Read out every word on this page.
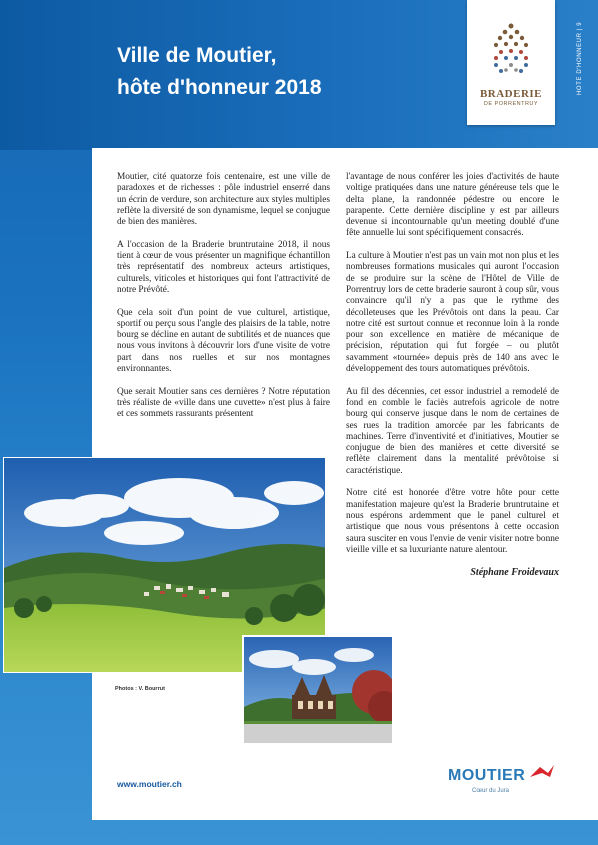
Ville de Moutier,
hôte d'honneur 2018	BRADERIE
DE PORRENTRUY
HÔTE D'HONNEUR | 9

Moutier, cité quatorze fois centenaire, est une ville de paradoxes et de richesses : pôle industriel enserré dans un écrin de verdure, son architecture aux styles multiples reflète la diversité de son dynamisme, lequel se conjugue de bien des manières.

A l'occasion de la Braderie bruntrutaine 2018, il nous tient à cœur de vous présenter un magnifique échantillon très représentatif des nombreux acteurs artistiques, culturels, viticoles et historiques qui font l'attractivité de notre Prévôté.

Que cela soit d'un point de vue culturel, artistique, sportif ou perçu sous l'angle des plaisirs de la table, notre bourg se décline en autant de subtilités et de nuances que nous vous invitons à découvrir lors d'une visite de votre part dans nos ruelles et sur nos montagnes environnantes.

Que serait Moutier sans ces dernières ? Notre réputation très réaliste de «ville dans une cuvette» n'est plus à faire et ces sommets rassurants présentent

l'avantage de nous conférer les joies d'activités de haute voltige pratiquées dans une nature généreuse tels que le delta plane, la randonnée pédestre ou encore le parapente. Cette dernière discipline y est par ailleurs devenue si incontournable qu'un meeting doublé d'une fête annuelle lui sont spécifiquement consacrés.

La culture à Moutier n'est pas un vain mot non plus et les nombreuses formations musicales qui auront l'occasion de se produire sur la scène de l'Hôtel de Ville de Porrentruy lors de cette braderie sauront à coup sûr, vous convaincre qu'il n'y a pas que le rythme des décolleteuses que les Prévôtois ont dans la peau. Car notre cité est surtout connue et reconnue loin à la ronde pour son excellence en matière de mécanique de précision, réputation qui fut forgée – ou plutôt savamment «tournée» depuis près de 140 ans avec le développement des tours automatiques prévôtois.

Au fil des décennies, cet essor industriel a remodelé de fond en comble le faciès autrefois agricole de notre bourg qui conserve jusque dans le nom de certaines de ses rues la tradition amorcée par les fabricants de machines. Terre d'inventivité et d'initiatives, Moutier se conjugue de bien des manières et cette diversité se reflète clairement dans la mentalité prévôtoise si caractéristique.

Notre cité est honorée d'être votre hôte pour cette manifestation majeure qu'est la Braderie bruntrutaine et nous espérons ardemment que le panel culturel et artistique que nous vous présentons à cette occasion saura susciter en vous l'envie de venir visiter notre bonne vieille ville et sa luxuriante nature alentour.

Stéphane Froidevaux
Photos : V. Bourrut
www.moutier.ch	MOUTIER
Cœur du Jura
